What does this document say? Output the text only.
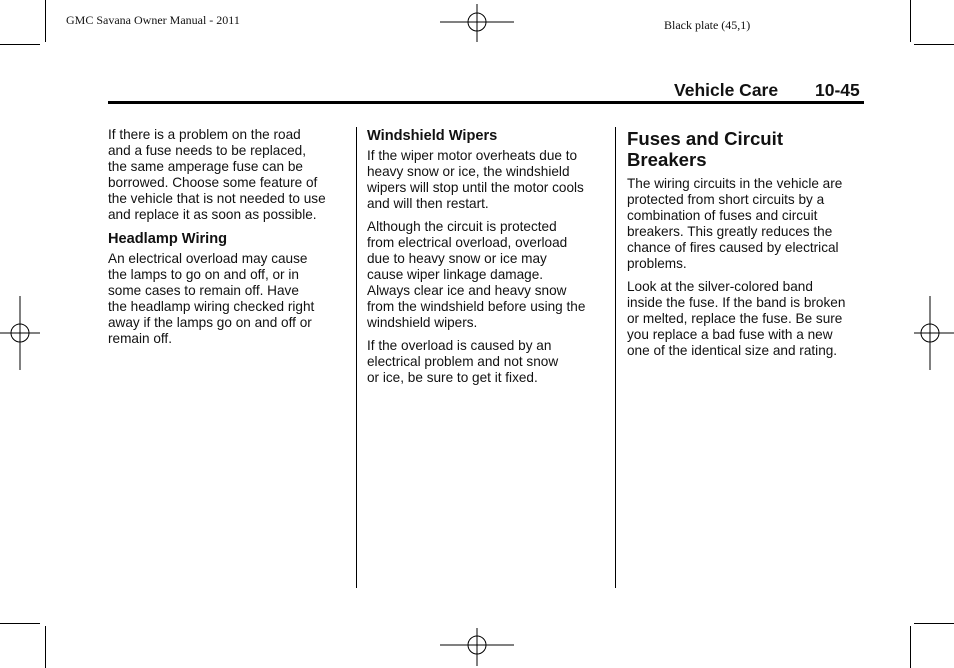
GMC Savana Owner Manual - 2011	Black plate (45,1)
Vehicle Care 10-45

If there is a problem on the road
and a fuse needs to be replaced,
the same amperage fuse can be
borrowed. Choose some feature of
the vehicle that is not needed to use
and replace it as soon as possible.

Headlamp Wiring

An electrical overload may cause
the lamps to go on and off, or in
some cases to remain off. Have
the headlamp wiring checked right
away if the lamps go on and off or
remain off.

Windshield Wipers

If the wiper motor overheats due to
heavy snow or ice, the windshield
wipers will stop until the motor cools
and will then restart.

Although the circuit is protected
from electrical overload, overload
due to heavy snow or ice may
cause wiper linkage damage.
Always clear ice and heavy snow
from the windshield before using the
windshield wipers.

If the overload is caused by an
electrical problem and not snow
or ice, be sure to get it fixed.

Fuses and Circuit
Breakers

The wiring circuits in the vehicle are
protected from short circuits by a
combination of fuses and circuit
breakers. This greatly reduces the
chance of fires caused by electrical
problems.

Look at the silver-colored band
inside the fuse. If the band is broken
or melted, replace the fuse. Be sure
you replace a bad fuse with a new
one of the identical size and rating.
